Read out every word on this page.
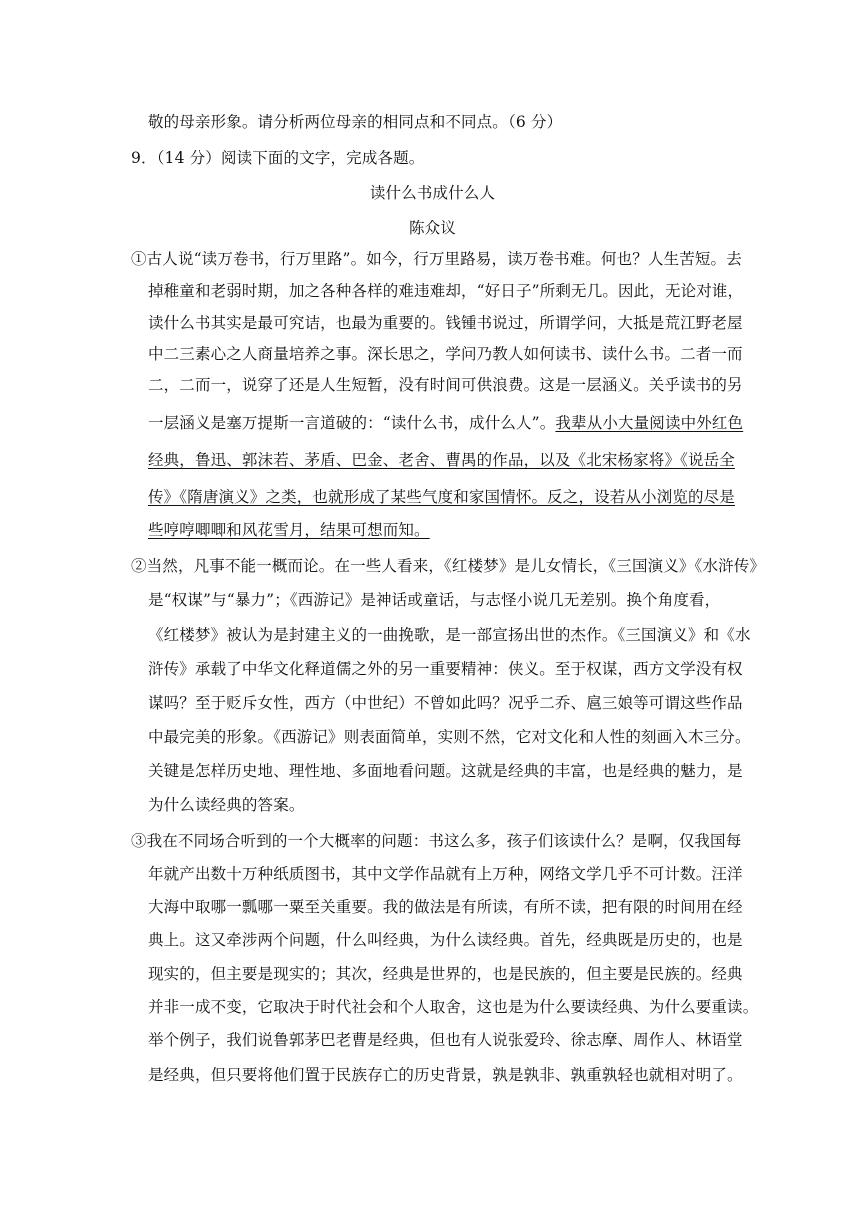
敬的母亲形象。请分析两位母亲的相同点和不同点。（6 分）
9．（14 分）阅读下面的文字，完成各题。
读什么书成什么人
陈众议
①古人说“读万卷书，行万里路”。如今，行万里路易，读万卷书难。何也？人生苦短。去
掉稚童和老弱时期，加之各种各样的难违难却，“好日子”所剩无几。因此，无论对谁，
读什么书其实是最可究诘，也最为重要的。钱锺书说过，所谓学问，大抵是荒江野老屋
中二三素心之人商量培养之事。深长思之，学问乃教人如何读书、读什么书。二者一而
二，二而一，说穿了还是人生短暂，没有时间可供浪费。这是一层涵义。关乎读书的另
一层涵义是塞万提斯一言道破的：“读什么书，成什么人”。我辈从小大量阅读中外红色
经典，鲁迅、郭沫若、茅盾、巴金、老舍、曹禺的作品，以及《北宋杨家将》《说岳全
传》《隋唐演义》之类，也就形成了某些气度和家国情怀。反之，设若从小浏览的尽是
些哼哼唧唧和风花雪月，结果可想而知。
②当然，凡事不能一概而论。在一些人看来，《红楼梦》是儿女情长，《三国演义》《水浒传》
是“权谋”与“暴力”；《西游记》是神话或童话，与志怪小说几无差别。换个角度看，
《红楼梦》被认为是封建主义的一曲挽歌，是一部宣扬出世的杰作。《三国演义》和《水
浒传》承载了中华文化释道儒之外的另一重要精神：侠义。至于权谋，西方文学没有权
谋吗？至于贬斥女性，西方（中世纪）不曾如此吗？况乎二乔、扈三娘等可谓这些作品
中最完美的形象。《西游记》则表面简单，实则不然，它对文化和人性的刻画入木三分。
关键是怎样历史地、理性地、多面地看问题。这就是经典的丰富，也是经典的魅力，是
为什么读经典的答案。
③我在不同场合听到的一个大概率的问题：书这么多，孩子们该读什么？是啊，仅我国每
年就产出数十万种纸质图书，其中文学作品就有上万种，网络文学几乎不可计数。汪洋
大海中取哪一瓢哪一粟至关重要。我的做法是有所读，有所不读，把有限的时间用在经
典上。这又牵涉两个问题，什么叫经典，为什么读经典。首先，经典既是历史的，也是
现实的，但主要是现实的；其次，经典是世界的，也是民族的，但主要是民族的。经典
并非一成不变，它取决于时代社会和个人取舍，这也是为什么要读经典、为什么要重读。
举个例子，我们说鲁郭茅巴老曹是经典，但也有人说张爱玲、徐志摩、周作人、林语堂
是经典，但只要将他们置于民族存亡的历史背景，孰是孰非、孰重孰轻也就相对明了。
